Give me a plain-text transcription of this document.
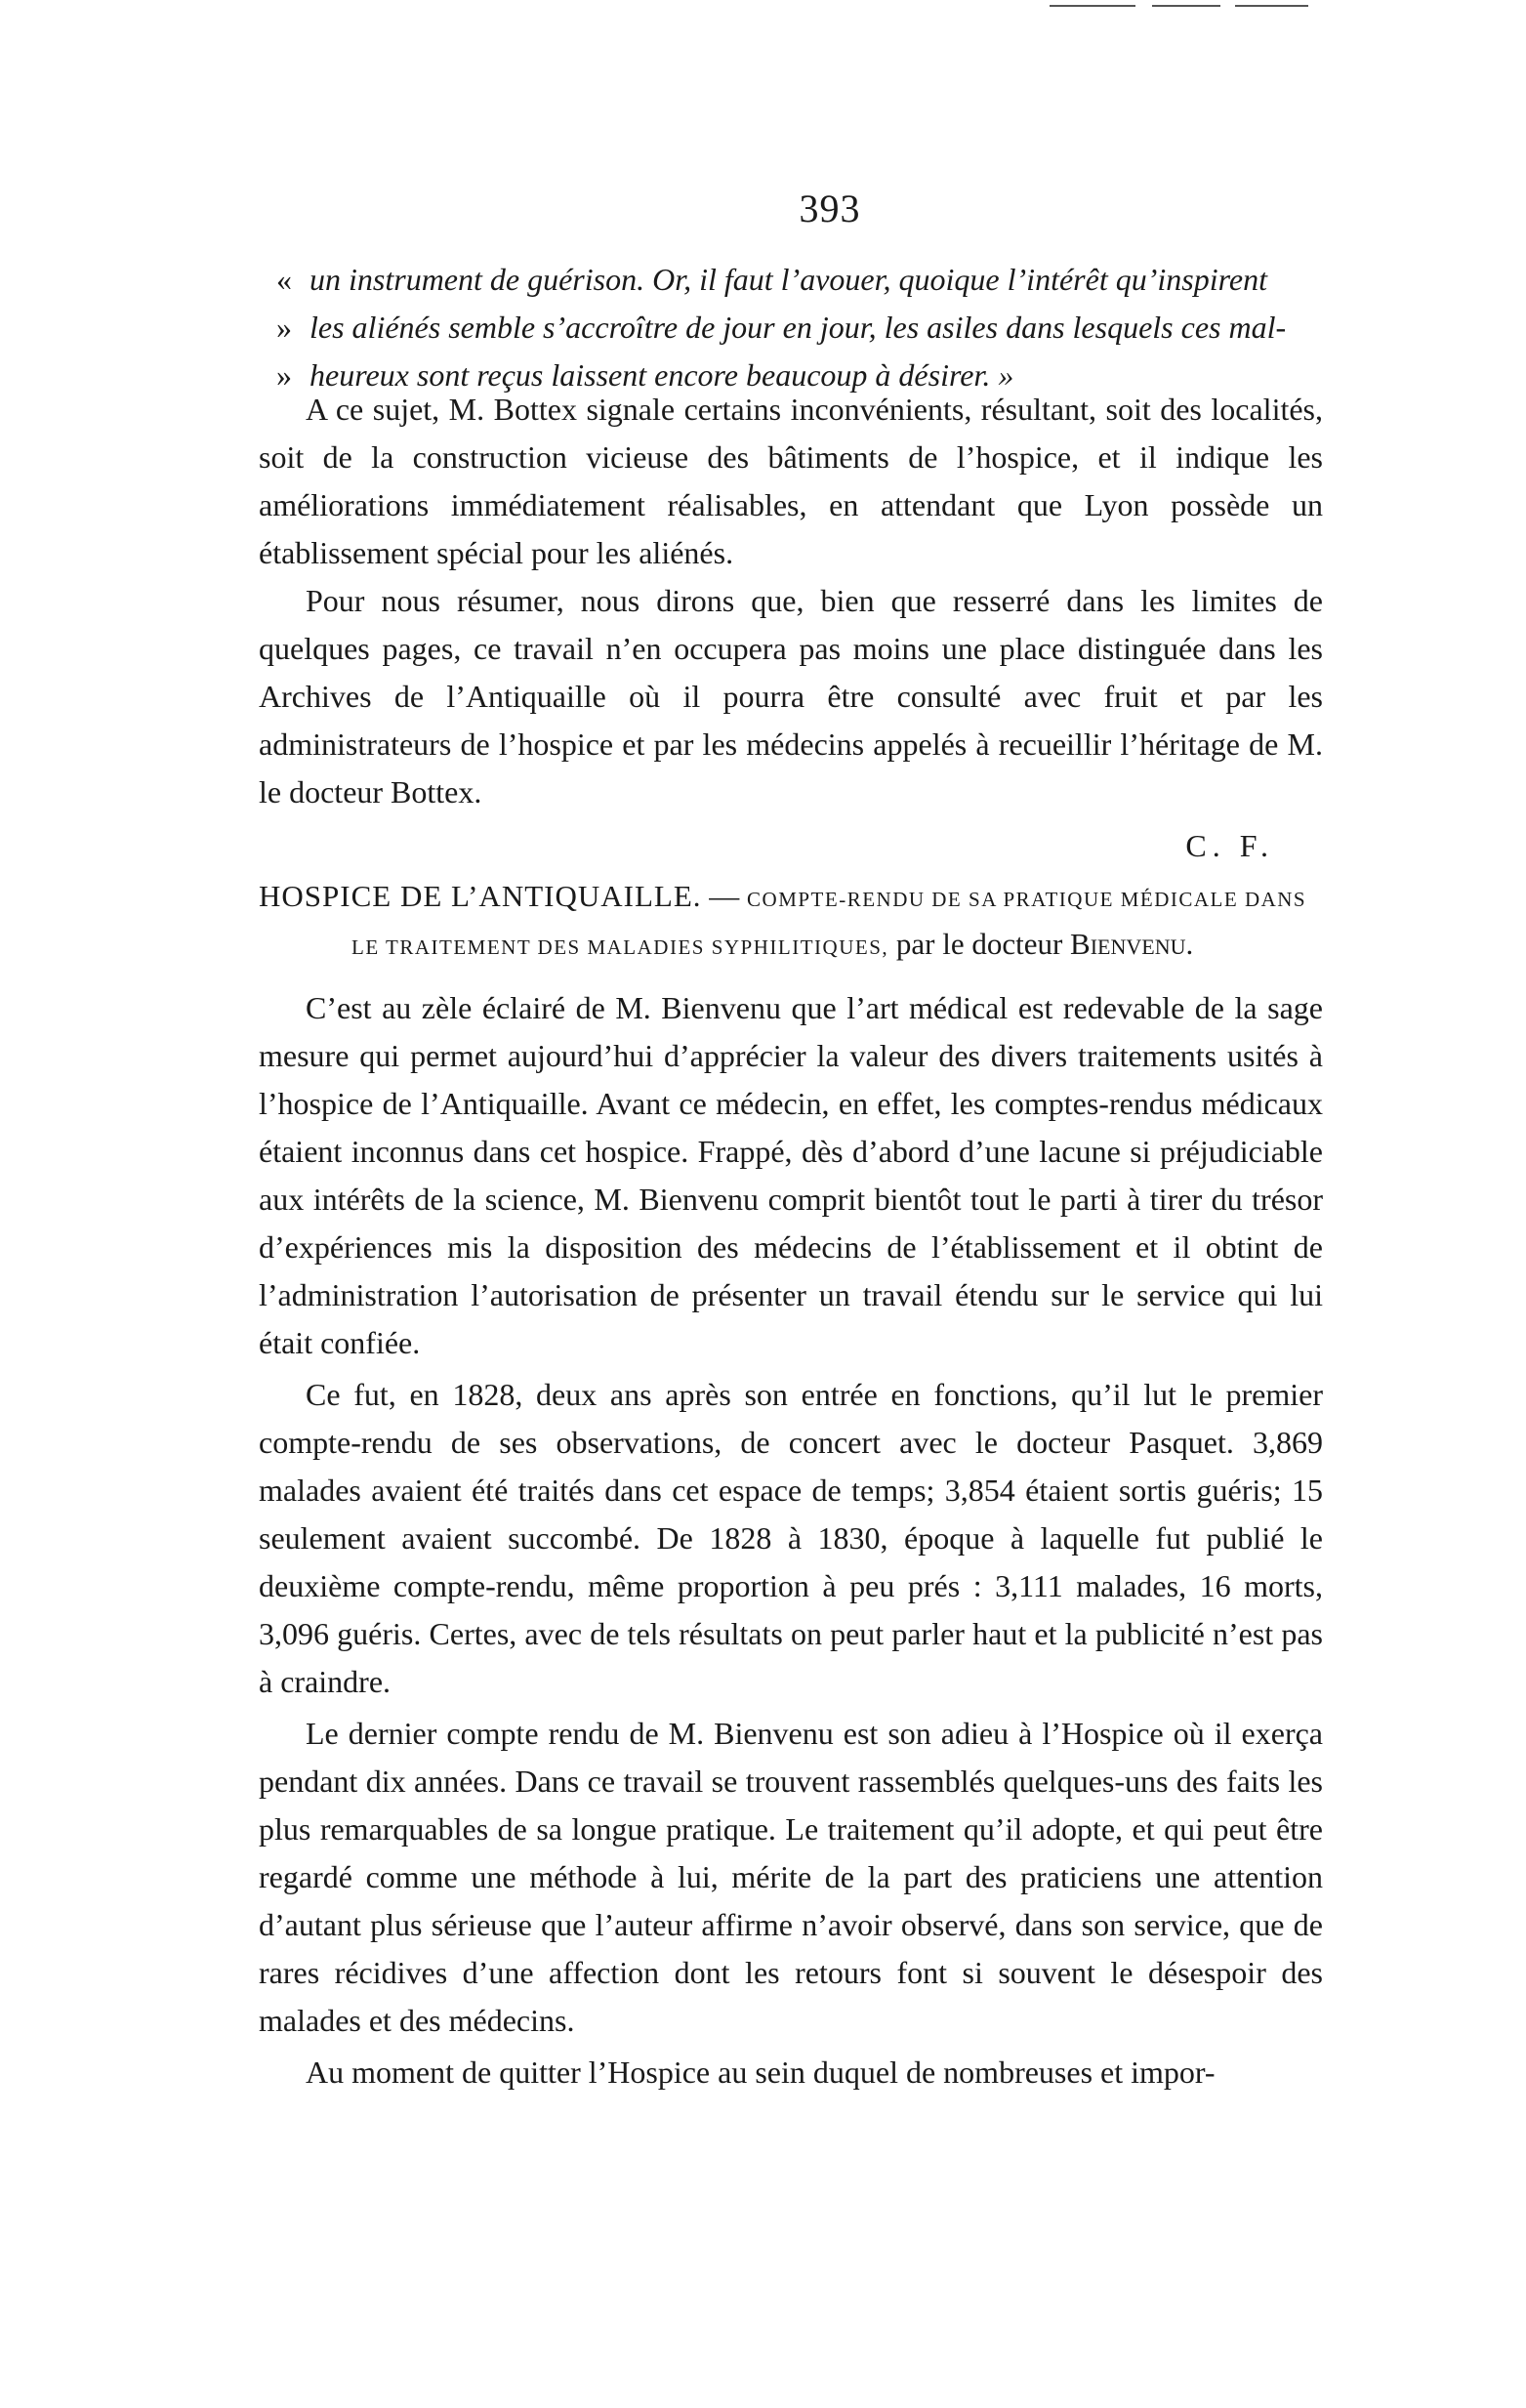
393
« un instrument de guérison. Or, il faut l’avouer, quoique l’intérêt qu’inspirent
» les aliénés semble s’accroître de jour en jour, les asiles dans lesquels ces mal-
» heureux sont reçus laissent encore beaucoup à désirer. »

A ce sujet, M. Bottex signale certains inconvénients, résultant, soit des localités, soit de la construction vicieuse des bâtiments de l’hospice, et il indique les améliorations immédiatement réalisables, en attendant que Lyon possède un établissement spécial pour les aliénés.

Pour nous résumer, nous dirons que, bien que resserré dans les limites de quelques pages, ce travail n’en occupera pas moins une place distinguée dans les Archives de l’Antiquaille où il pourra être consulté avec fruit et par les administrateurs de l’hospice et par les médecins appelés à recueillir l’héritage de M. le docteur Bottex.

C. F.

HOSPICE DE L’ANTIQUAILLE. — COMPTE-RENDU DE SA PRATIQUE MÉDICALE DANS
LE TRAITEMENT DES MALADIES SYPHILITIQUES, par le docteur Bienvenu.

C’est au zèle éclairé de M. Bienvenu que l’art médical est redevable de la sage mesure qui permet aujourd’hui d’apprécier la valeur des divers traitements usités à l’hospice de l’Antiquaille. Avant ce médecin, en effet, les comptes-rendus médicaux étaient inconnus dans cet hospice. Frappé, dès d’abord d’une lacune si préjudiciable aux intérêts de la science, M. Bienvenu comprit bientôt tout le parti à tirer du trésor d’expériences mis la disposition des médecins de l’établissement et il obtint de l’administration l’autorisation de présenter un travail étendu sur le service qui lui était confiée.

Ce fut, en 1828, deux ans après son entrée en fonctions, qu’il lut le premier compte-rendu de ses observations, de concert avec le docteur Pasquet. 3,869 malades avaient été traités dans cet espace de temps; 3,854 étaient sortis guéris; 15 seulement avaient succombé. De 1828 à 1830, époque à laquelle fut publié le deuxième compte-rendu, même proportion à peu prés : 3,111 malades, 16 morts, 3,096 guéris. Certes, avec de tels résultats on peut parler haut et la publicité n’est pas à craindre.

Le dernier compte rendu de M. Bienvenu est son adieu à l’Hospice où il exerça pendant dix années. Dans ce travail se trouvent rassemblés quelques-uns des faits les plus remarquables de sa longue pratique. Le traitement qu’il adopte, et qui peut être regardé comme une méthode à lui, mérite de la part des praticiens une attention d’autant plus sérieuse que l’auteur affirme n’avoir observé, dans son service, que de rares récidives d’une affection dont les retours font si souvent le désespoir des malades et des médecins.

Au moment de quitter l’Hospice au sein duquel de nombreuses et impor-
